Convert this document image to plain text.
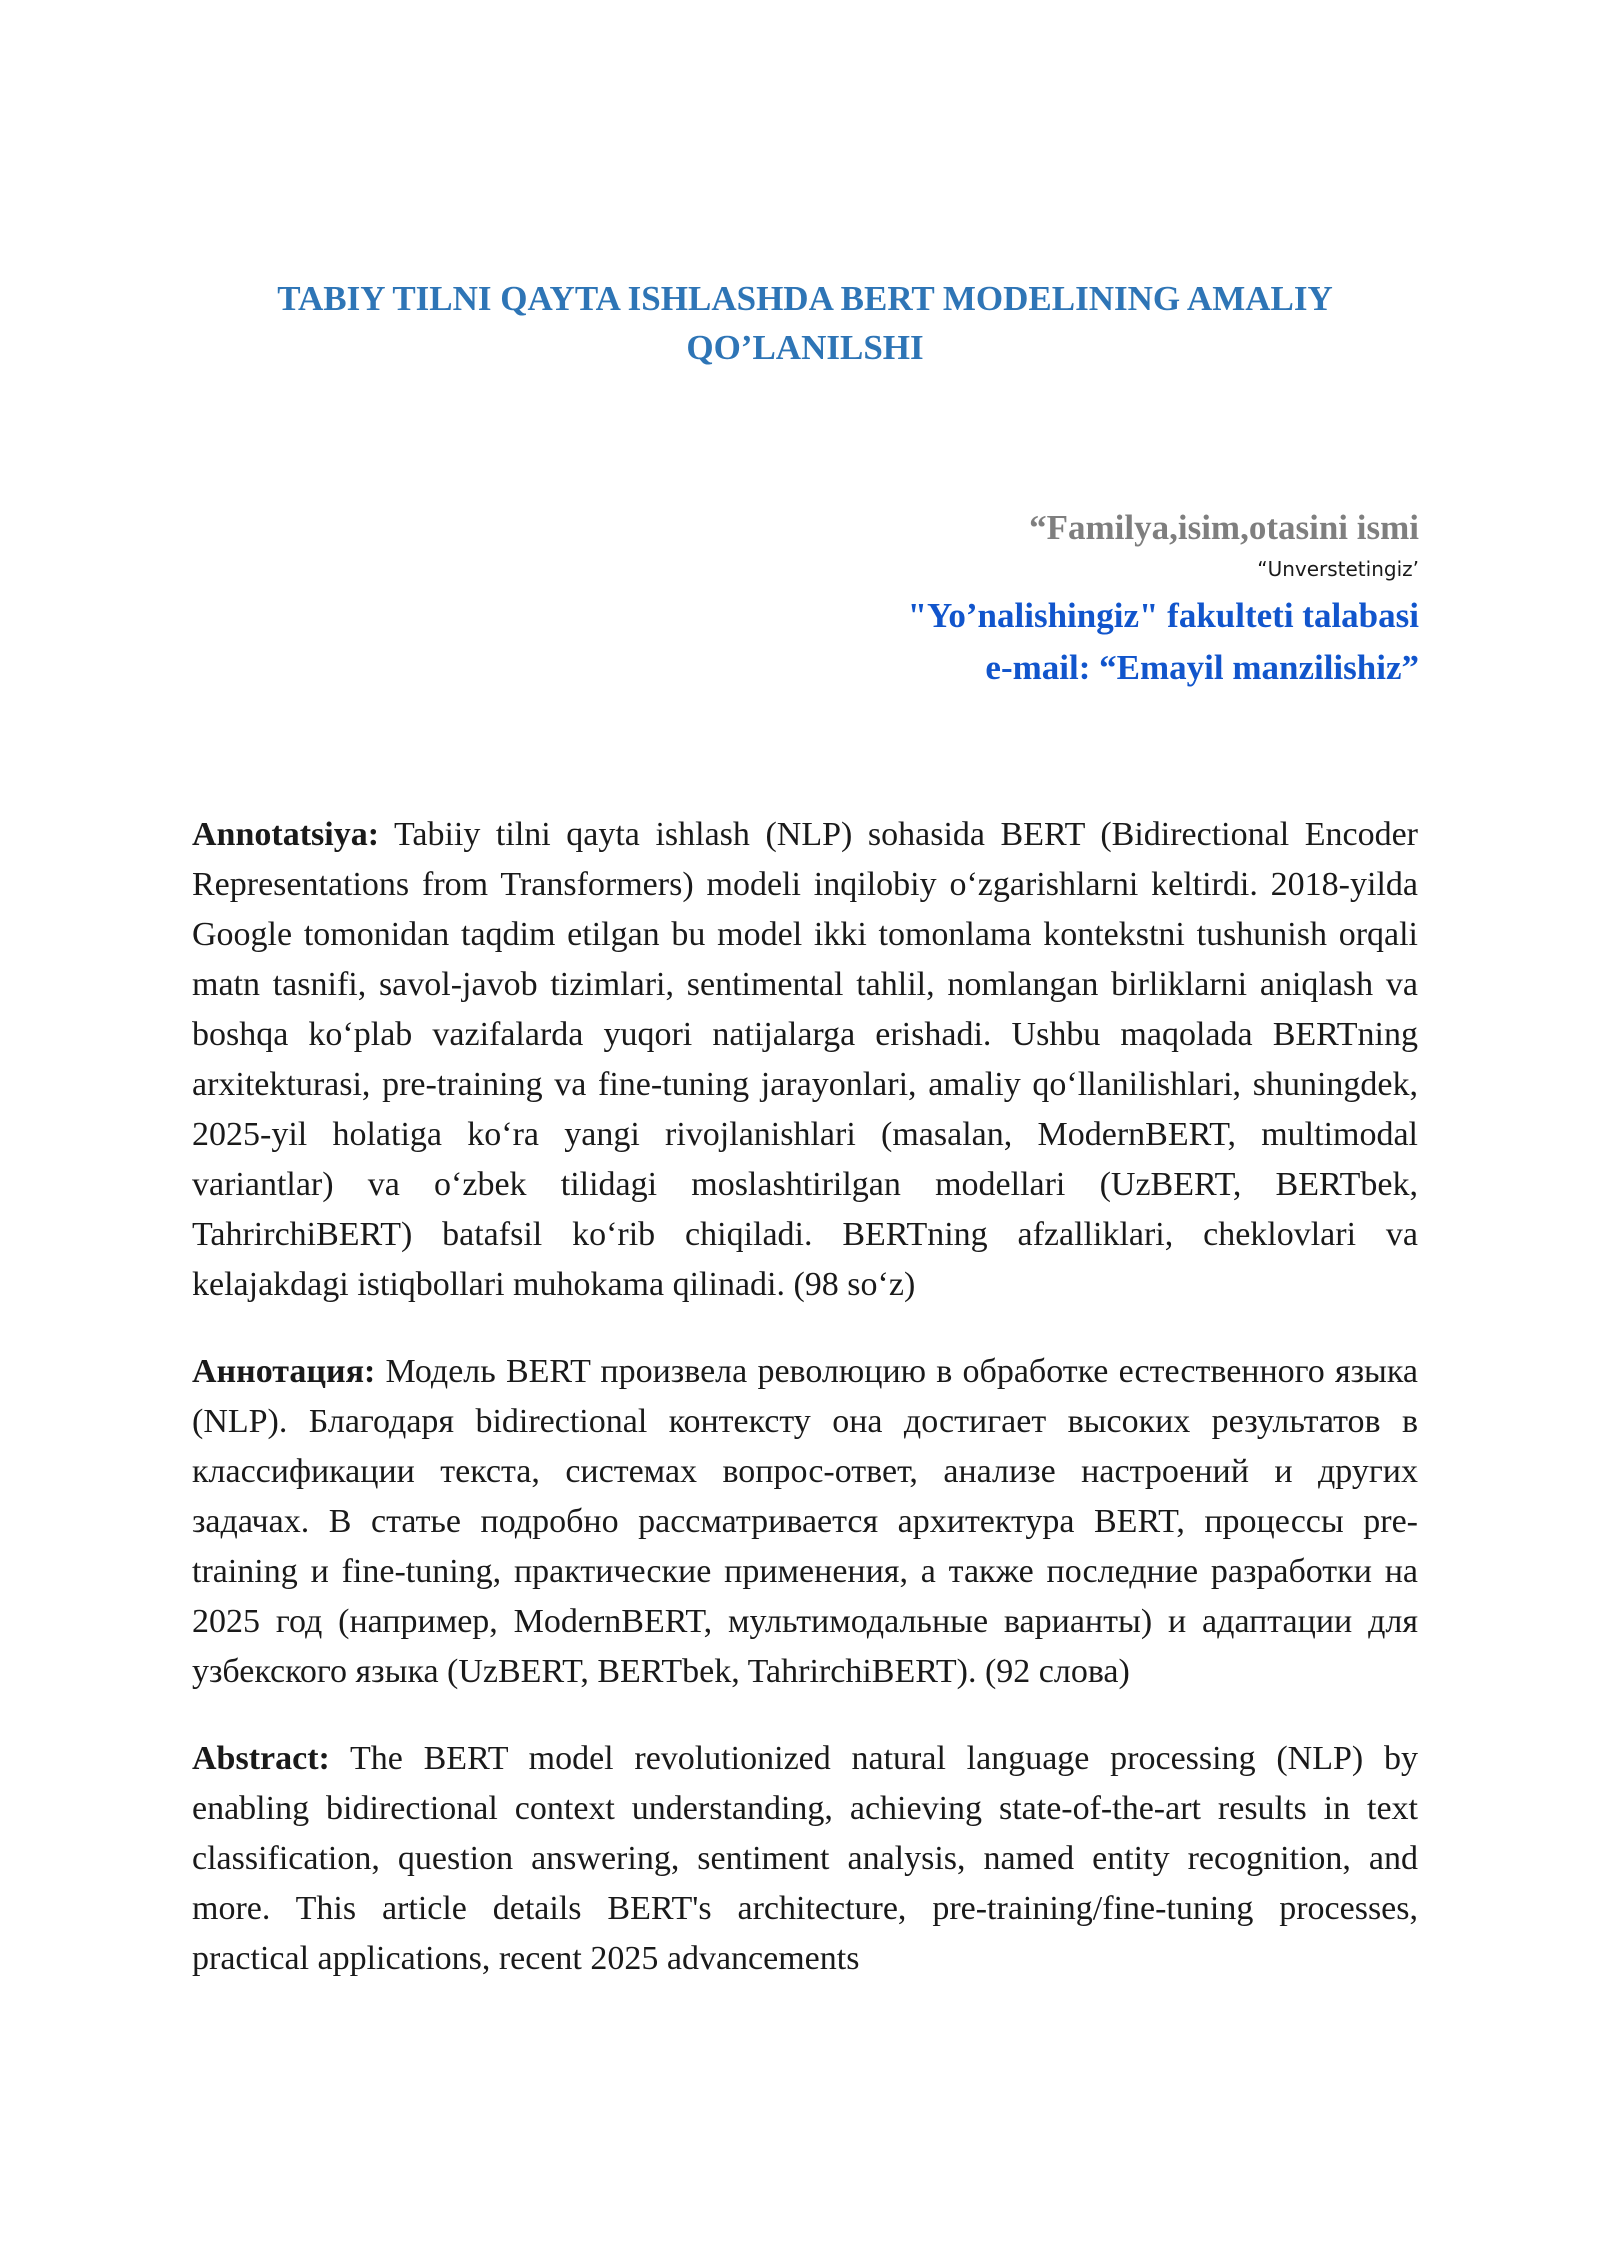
TABIY TILNI QAYTA ISHLASHDA BERT MODELINING AMALIY QO’LANILSHI
“Familya,isim,otasini ismi
“Unverstetingiz’
"Yo’nalishingiz" fakulteti talabasi
e-mail: “Emayil manzilishiz”

Annotatsiya: Tabiiy tilni qayta ishlash (NLP) sohasida BERT (Bidirectional Encoder Representations from Transformers) modeli inqilobiy o‘zgarishlarni keltirdi. 2018-yilda Google tomonidan taqdim etilgan bu model ikki tomonlama kontekstni tushunish orqali matn tasnifi, savol-javob tizimlari, sentimental tahlil, nomlangan birliklarni aniqlash va boshqa ko‘plab vazifalarda yuqori natijalarga erishadi. Ushbu maqolada BERTning arxitekturasi, pre-training va fine-tuning jarayonlari, amaliy qo‘llanilishlari, shuningdek, 2025-yil holatiga ko‘ra yangi rivojlanishlari (masalan, ModernBERT, multimodal variantlar) va o‘zbek tilidagi moslashtirilgan modellari (UzBERT, BERTbek, TahrirchiBERT) batafsil ko‘rib chiqiladi. BERTning afzalliklari, cheklovlari va kelajakdagi istiqbollari muhokama qilinadi. (98 so‘z)

Аннотация: Модель BERT произвела революцию в обработке естественного языка (NLP). Благодаря bidirectional контексту она достигает высоких результатов в классификации текста, системах вопрос-ответ, анализе настроений и других задачах. В статье подробно рассматривается архитектура BERT, процессы pre-training и fine-tuning, практические применения, а также последние разработки на 2025 год (например, ModernBERT, мультимодальные варианты) и адаптации для узбекского языка (UzBERT, BERTbek, TahrirchiBERT). (92 слова)

Abstract: The BERT model revolutionized natural language processing (NLP) by enabling bidirectional context understanding, achieving state-of-the-art results in text classification, question answering, sentiment analysis, named entity recognition, and more. This article details BERT's architecture, pre-training/fine-tuning processes, practical applications, recent 2025 advancements
